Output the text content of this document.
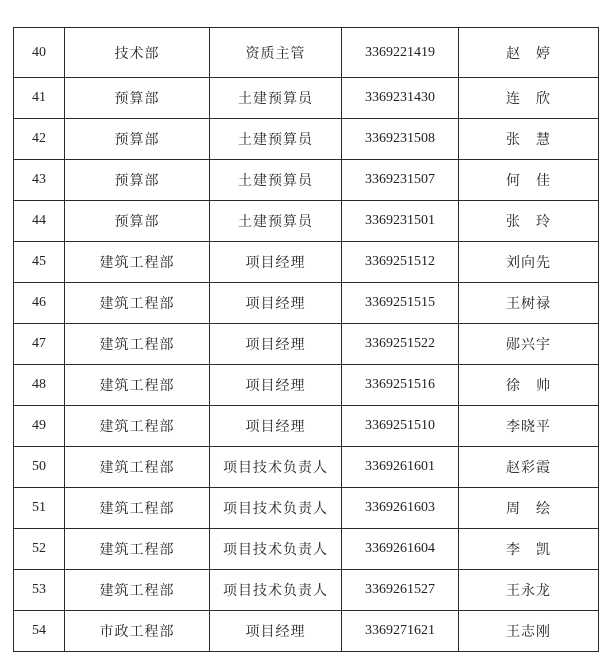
40	技术部	资质主管	3369221419	赵　婷
41	预算部	土建预算员	3369231430	连　欣
42	预算部	土建预算员	3369231508	张　慧
43	预算部	土建预算员	3369231507	何　佳
44	预算部	土建预算员	3369231501	张　玲
45	建筑工程部	项目经理	3369251512	刘向先
46	建筑工程部	项目经理	3369251515	王树禄
47	建筑工程部	项目经理	3369251522	郧兴宇
48	建筑工程部	项目经理	3369251516	徐　帅
49	建筑工程部	项目经理	3369251510	李晓平
50	建筑工程部	项目技术负责人	3369261601	赵彩霞
51	建筑工程部	项目技术负责人	3369261603	周　绘
52	建筑工程部	项目技术负责人	3369261604	李　凯
53	建筑工程部	项目技术负责人	3369261527	王永龙
54	市政工程部	项目经理	3369271621	王志刚
